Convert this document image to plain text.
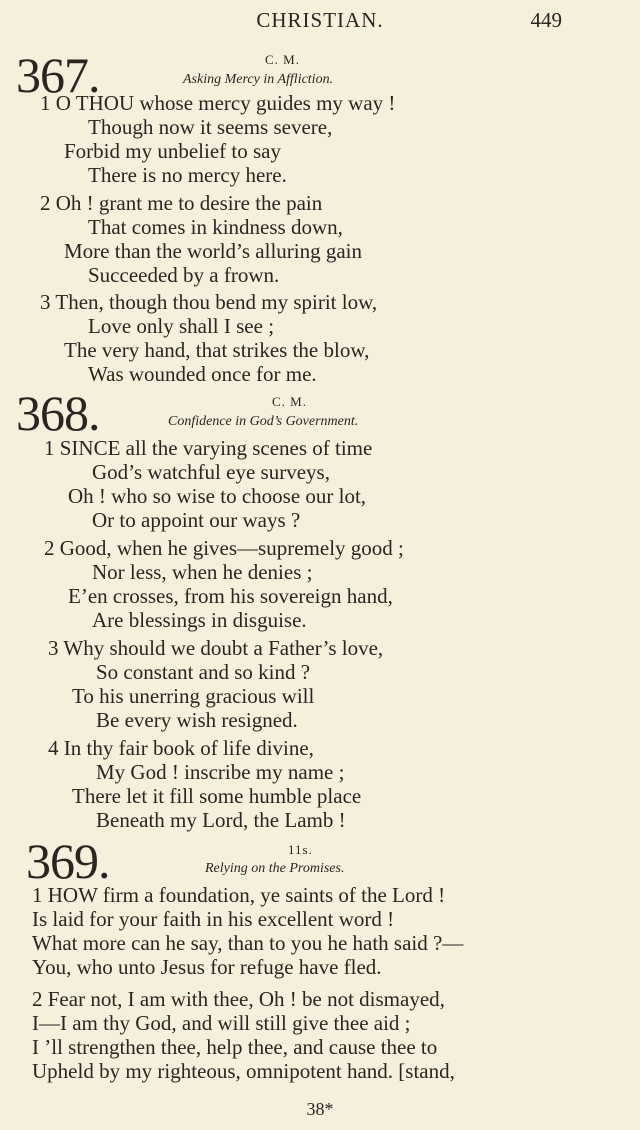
CHRISTIAN.	449
367.	C. M.
Asking Mercy in Affliction.
1 O THOU whose mercy guides my way !
Though now it seems severe,
Forbid my unbelief to say
There is no mercy here.
2 Oh ! grant me to desire the pain
That comes in kindness down,
More than the world’s alluring gain
Succeeded by a frown.
3 Then, though thou bend my spirit low,
Love only shall I see ;
The very hand, that strikes the blow,
Was wounded once for me.
368.	C. M.
Confidence in God’s Government.
1 SINCE all the varying scenes of time
God’s watchful eye surveys,
Oh ! who so wise to choose our lot,
Or to appoint our ways ?
2 Good, when he gives—supremely good ;
Nor less, when he denies ;
E’en crosses, from his sovereign hand,
Are blessings in disguise.
3 Why should we doubt a Father’s love,
So constant and so kind ?
To his unerring gracious will
Be every wish resigned.
4 In thy fair book of life divine,
My God ! inscribe my name ;
There let it fill some humble place
Beneath my Lord, the Lamb !
369.	11s.
Relying on the Promises.
1 HOW firm a foundation, ye saints of the Lord !
Is laid for your faith in his excellent word !
What more can he say, than to you he hath said ?—
You, who unto Jesus for refuge have fled.
2 Fear not, I am with thee, Oh ! be not dismayed,
I—I am thy God, and will still give thee aid ;
I ’ll strengthen thee, help thee, and cause thee to
Upheld by my righteous, omnipotent hand. [stand,
38*
